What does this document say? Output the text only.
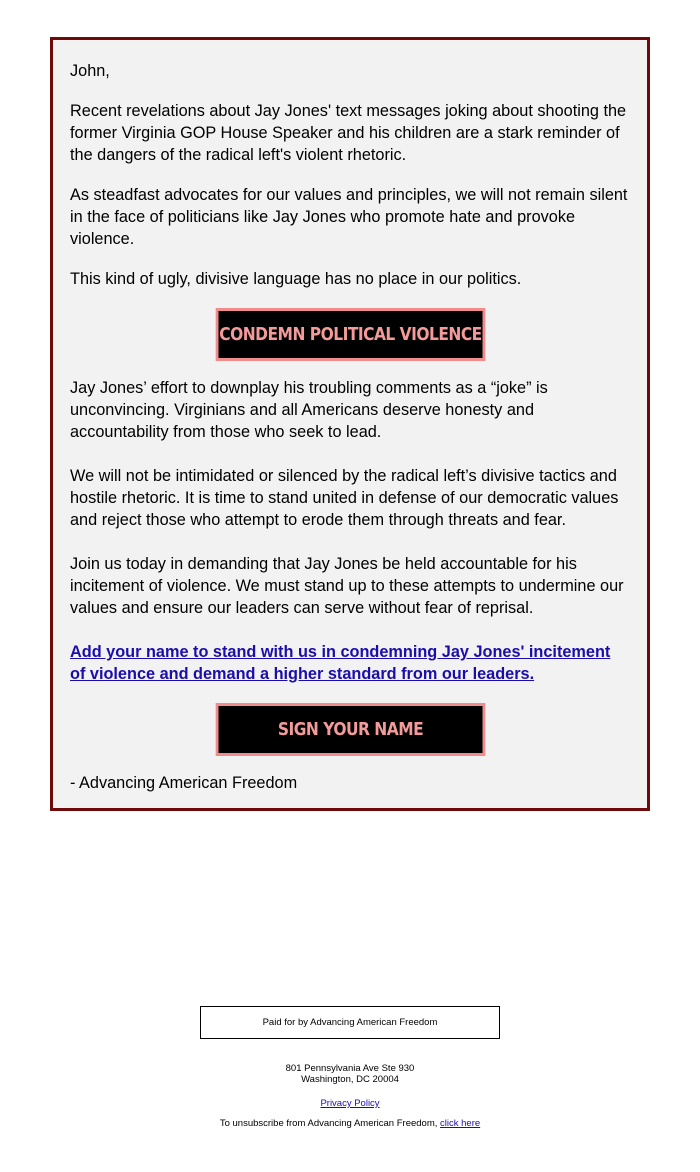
John,

Recent revelations about Jay Jones' text messages joking about shooting the former Virginia GOP House Speaker and his children are a stark reminder of the dangers of the radical left's violent rhetoric.

As steadfast advocates for our values and principles, we will not remain silent in the face of politicians like Jay Jones who promote hate and provoke violence.

This kind of ugly, divisive language has no place in our politics.

CONDEMN POLITICAL VIOLENCE

Jay Jones’ effort to downplay his troubling comments as a “joke” is unconvincing. Virginians and all Americans deserve honesty and accountability from those who seek to lead.

We will not be intimidated or silenced by the radical left’s divisive tactics and hostile rhetoric. It is time to stand united in defense of our democratic values and reject those who attempt to erode them through threats and fear.

Join us today in demanding that Jay Jones be held accountable for his incitement of violence. We must stand up to these attempts to undermine our values and ensure our leaders can serve without fear of reprisal.

Add your name to stand with us in condemning Jay Jones' incitement of violence and demand a higher standard from our leaders.

SIGN YOUR NAME

- Advancing American Freedom

Paid for by Advancing American Freedom
801 Pennsylvania Ave Ste 930
Washington, DC 20004
Privacy Policy
To unsubscribe from Advancing American Freedom, click here
